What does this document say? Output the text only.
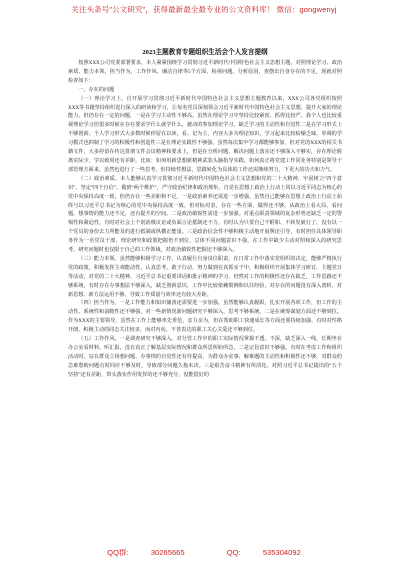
关注头条号"公文研究"，获得最新最全最专业的公文资料库！ 微信：gongwenyj
2023主题教育专题组织生活会个人发言提纲

按照XXX公司党委部署要求，本人紧紧围绕学习贯彻习近平新时代中国特色社会主义思想主题，对照理论学习、政治素质、能力本领、担当作为、工作作风、廉洁自律等5个方面，检视问题、分析原因，查摆出自身存在的不足，现就对照检查如下：

一、存在的问题

（一）理论学习上。自开展学习贯彻习近平新时代中国特色社会主义思想主题教育以来，XXX公司各党组织按照XXX等书籍坚持组织进行深入的研读和学习，让每名党员深刻领会习近平新时代中国特色社会主义思想，提升大家的理论能力，但仍存在一定的问题，一是在学习主动性不够高。虽然在理论学习中坚持比较紧密、抓得比较严，我个人也比较重视理论学习但很多时候在存在要求学什么就学什么，被动的参加理论学习，缺乏学习的主动性和自觉性二是在学习形式上不够创新。个人学习形式大多数时候停留在以读、看、记为主，内容大多为理论知识，学习起来比较枯燥乏味，单调的学习模式也抑制了学习的积极性和创造性三是在理论实践性不够强。虽然每次集中学习都能够参加，但对党的XXX的相关书籍文件，大多停留在传达贯彻文件会议精神和要求上，但是在分析问题、解决问题上落实还不够深入不够实，存在理论脱离实际少，学以致用还有差距。比如：如何用新思想新精神武装头脑指导实践，如何真正将党建工作同业务特别是领导干部管理方面来，虽然也进行了一些思考，但持续性想法，思路转化为具体的工作还需继续努力，下更大的功夫和力气。

（二）政治素质。本人能够认真学习贯彻习近平新时代中国特色社会主义思想和党的二十大精神，牢固树立“四个意识”、坚定“四个自信”、做到“两个维护”，严守政治纪律和政治规矩。自觉在思想上政治上行动上同以习近平同志为核心的党中央保持高度一致，但仍存在一些差距和不足，一是政治素养还需进一步增强。虽然自己能够在思想上政治上行动上始终与以习近平总书记为核心的党中央保持高度一致，但对标对表，存在一些方面，做得还不够，从政治上看大局、看问题、想事情的能力还不足，还有提升的空间。二是政治敏锐性需进一步加强。对重点职责领域的复杂形势还缺乏一定的警惕性和紧迫性，有时对社会上个别消极议论或负面言论抵制还不力，有时认为只要自己不附和、不转发就行了，没有以一个党员的身份去力所能及的进行抵制或纵横正能量。三是政治信念性不够积极主动地开展舆论引导，有时担任具体领导职务作为一名党员干部，理论研究和政策把握仍不到位，总体不同问题意识不强，在工作中缺少主动对照和深入的研究思考，研究问题时也仅限于自己的工作领域，对政治敏锐性把握还不够深入。

（三）能力本领。虽然能够积极学习工作，认真履行自身岗位职责，在日常工作中落实党组织的决定，能够严格执行党的政策，积极发挥主观能动性，认真思考，敢于行动，努力做到在真抓实干中，积极组织开展集体学习研讨，主题党日等活动，对党的二十大精神、习近平总书记重要讲话和批示精神的学习，仍然对工作的积极性还存在缺乏，工作思路还不够系统，有时存在办事想法不够深入，缺乏创新意识，工作中比较依赖惯例和以往经验，对存在的问题没有深入剖析，对新思想、新方法运用不够，导致工作质量与效率还有较大差距。

（四）担当作为。一是工作能力和知识储备还需要进一步加强。虽然能够认真履职，扎实开展各项工作，但工作的主动性、系统性和前瞻性还不够强，对一些新情况新问题研究不够深入，思考不够系统。二是在统筹谋划方面还不够到位。作为XXX的主要领导，虽然在工作上能够率先垂范，亲力亲为，但在帮助职工快速成长等方面还要持续加强，有时对性格开朗、积极主动的同志关注较多，而对内向、不善表达的职工关心关爱还不够到位。

（五）工作作风。一是调查研究不够深入。对分管工作中的职工实际情况掌握不透、不深，缺乏深入一线，长期坐在办公室看材料、听汇报，没有真正了解基层实际情况和群众所思所盼所急，二是宗旨意识不够强。有时在考虑工作和组织活动时，站在群众立场想问题、办事情的自觉性还有待提高，为群众办实事、解难题的主动性和积极性还不够，对群众的急难愁盼问题有时回应不够及时，导致部分问题久拖未决。三是艰苦奋斗精神有所淡化。对照习近平总书记提出的“五个坚持”还有差距，带头落实作用发挥的还不够充分，没能很好的

QQ群:	30265665	QQ:	535304092
